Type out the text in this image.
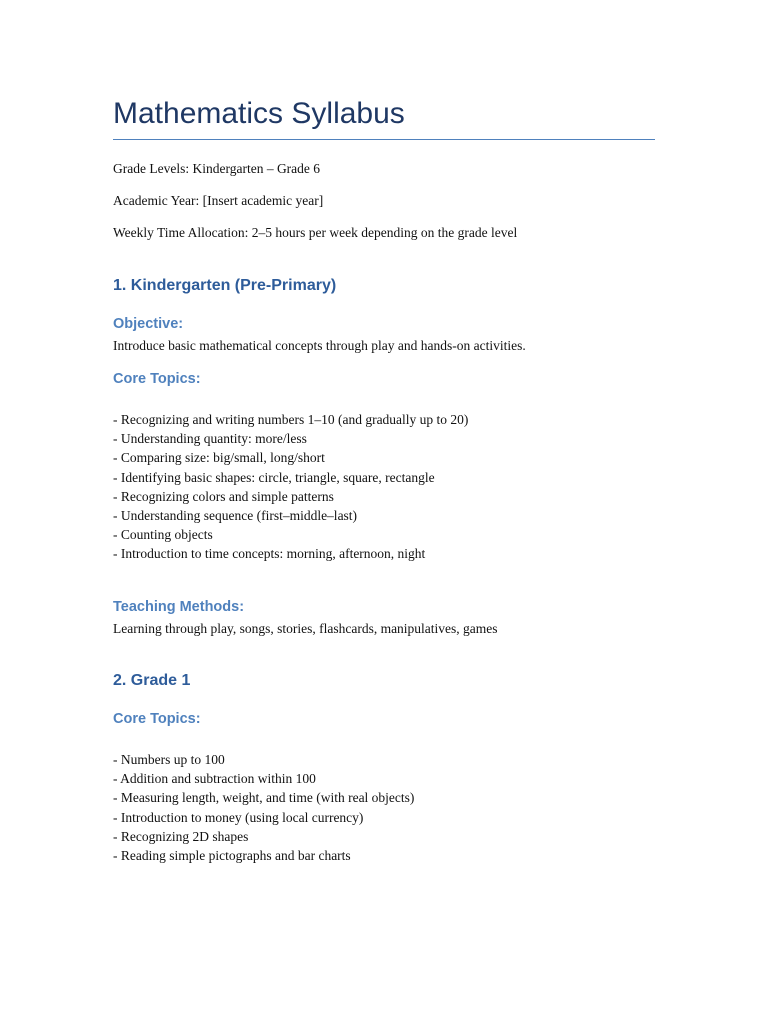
Mathematics Syllabus
Grade Levels: Kindergarten – Grade 6
Academic Year: [Insert academic year]
Weekly Time Allocation: 2–5 hours per week depending on the grade level
1. Kindergarten (Pre-Primary)
Objective:
Introduce basic mathematical concepts through play and hands-on activities.
Core Topics:
- Recognizing and writing numbers 1–10 (and gradually up to 20)
- Understanding quantity: more/less
- Comparing size: big/small, long/short
- Identifying basic shapes: circle, triangle, square, rectangle
- Recognizing colors and simple patterns
- Understanding sequence (first–middle–last)
- Counting objects
- Introduction to time concepts: morning, afternoon, night
Teaching Methods:
Learning through play, songs, stories, flashcards, manipulatives, games
2. Grade 1
Core Topics:
- Numbers up to 100
- Addition and subtraction within 100
- Measuring length, weight, and time (with real objects)
- Introduction to money (using local currency)
- Recognizing 2D shapes
- Reading simple pictographs and bar charts
